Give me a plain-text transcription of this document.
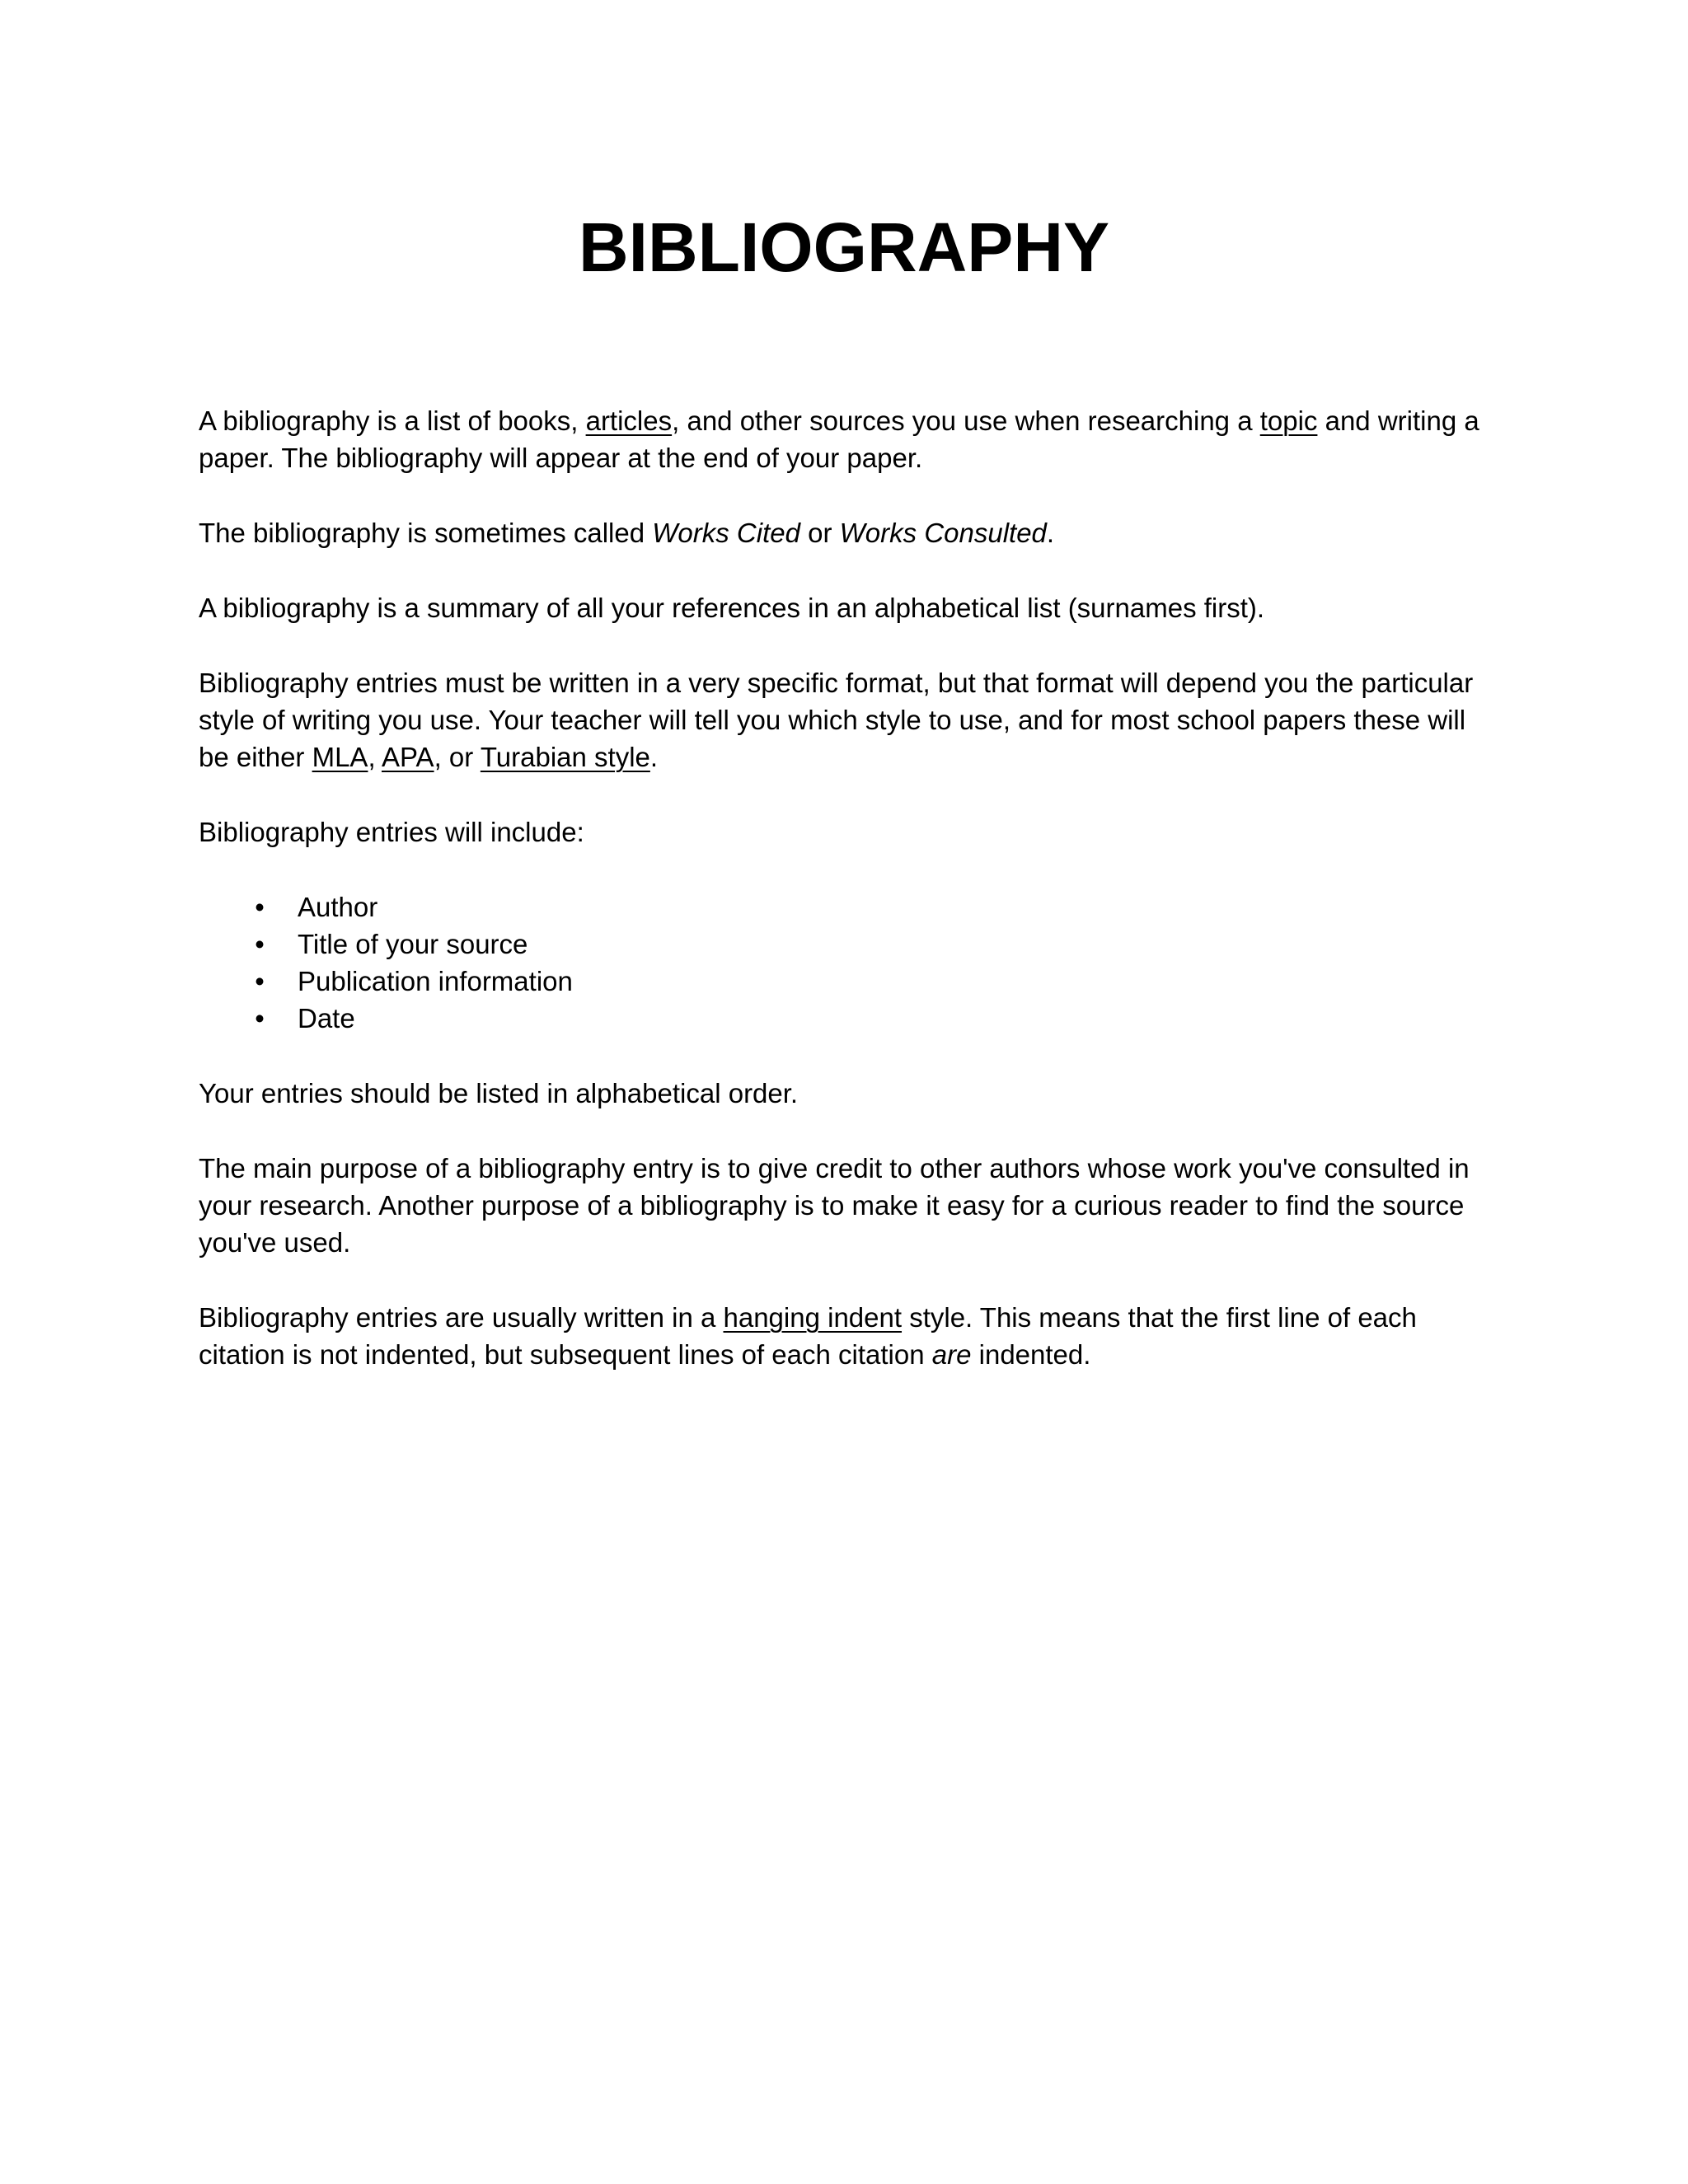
BIBLIOGRAPHY

A bibliography is a list of books, articles, and other sources you use when researching a topic and writing a paper. The bibliography will appear at the end of your paper.

The bibliography is sometimes called Works Cited or Works Consulted.

A bibliography is a summary of all your references in an alphabetical list (surnames first).

Bibliography entries must be written in a very specific format, but that format will depend you the particular style of writing you use. Your teacher will tell you which style to use, and for most school papers these will be either MLA, APA, or Turabian style.

Bibliography entries will include:

• Author
• Title of your source
• Publication information
• Date

Your entries should be listed in alphabetical order.

The main purpose of a bibliography entry is to give credit to other authors whose work you've consulted in your research. Another purpose of a bibliography is to make it easy for a curious reader to find the source you've used.

Bibliography entries are usually written in a hanging indent style. This means that the first line of each citation is not indented, but subsequent lines of each citation are indented.
